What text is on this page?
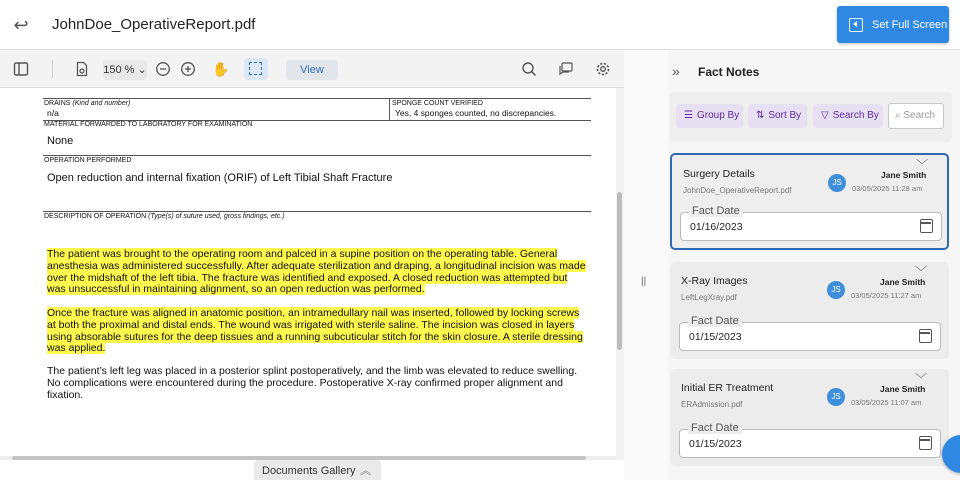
↩ JohnDoe_OperativeReport.pdf	Set Full Screen
150 % ⌄	✋	View
DRAINS (Kind and number)
n/a
SPONGE COUNT VERIFIED
Yes, 4 sponges counted, no discrepancies.
MATERIAL FORWARDED TO LABORATORY FOR EXAMINATION
None
OPERATION PERFORMED
Open reduction and internal fixation (ORIF) of Left Tibial Shaft Fracture
DESCRIPTION OF OPERATION (Type(s) of suture used, gross findings, etc.)
The patient was brought to the operating room and palced in a supine position on the operating table. General anesthesia was administered successfully. After adequate sterilization and draping, a longitudinal incision was made over the midshaft of the left tibia. The fracture was identified and exposed. A closed reduction was attempted but was unsuccessful in maintaining alignment, so an open reduction was performed.
Once the fracture was aligned in anatomic position, an intramedullary nail was inserted, followed by locking screws at both the proximal and distal ends. The wound was irrigated with sterile saline. The incision was closed in layers using absorable sutures for the deep tissues and a running subcuticular stitch for the skin closure. A sterile dressing was applied.
The patient’s left leg was placed in a posterior splint postoperatively, and the limb was elevated to reduce swelling. No complications were encountered during the procedure. Postoperative X-ray confirmed proper alignment and fixation.
Documents Gallery ︽
||
» Fact Notes
☰ Group By	⇅ Sort By	▽ Search By	⌕ Search
Surgery Details
JohnDoe_OperativeReport.pdf
JS
Jane Smith
03/05/2025 11:28 am
﹀
Fact Date
01/16/2023
X-Ray Images
LeftLegXray.pdf
JS
Jane Smith
03/05/2025 11:27 am
﹀
Fact Date
01/15/2023
Initial ER Treatment
ERAdmission.pdf
JS
Jane Smith
03/05/2025 11:07 am
﹀
Fact Date
01/15/2023
